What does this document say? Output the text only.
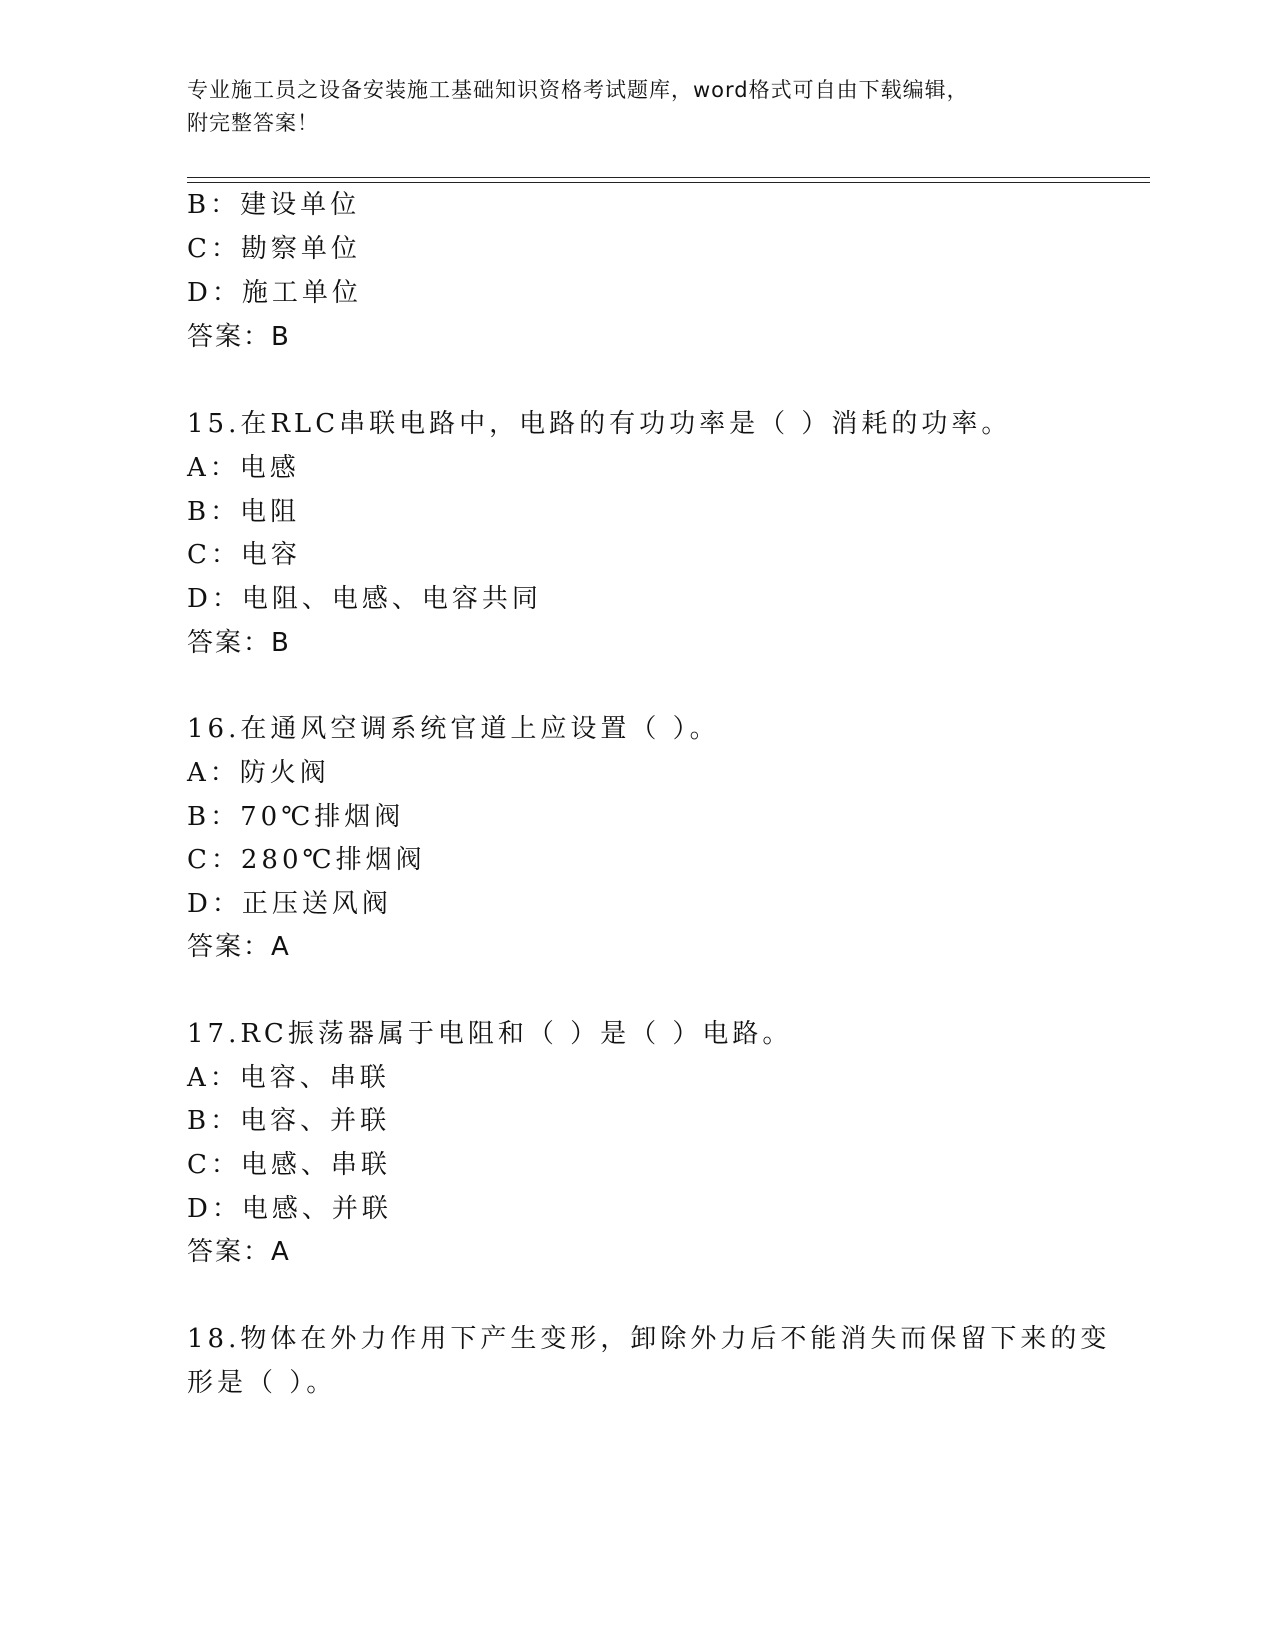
专业施工员之设备安装施工基础知识资格考试题库，word格式可自由下载编辑，
附完整答案！
B：建设单位
C：勘察单位
D：施工单位
答案：B
15.在RLC串联电路中，电路的有功功率是（ ）消耗的功率。
A：电感
B：电阻
C：电容
D：电阻、电感、电容共同
答案：B
16.在通风空调系统官道上应设置（ ）。
A：防火阀
B：70℃排烟阀
C：280℃排烟阀
D：正压送风阀
答案：A
17.RC振荡器属于电阻和（ ）是（ ）电路。
A：电容、串联
B：电容、并联
C：电感、串联
D：电感、并联
答案：A
18.物体在外力作用下产生变形，卸除外力后不能消失而保留下来的变
形是（ ）。
